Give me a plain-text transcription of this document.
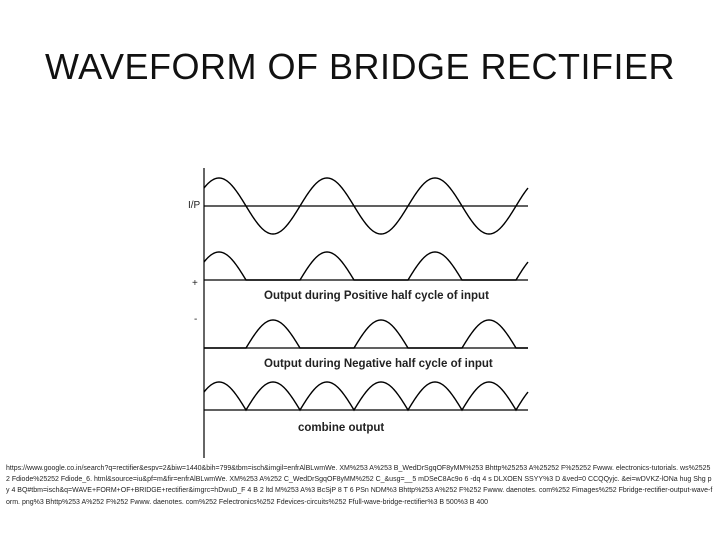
WAVEFORM OF BRIDGE RECTIFIER
I/P
+
-
Output during Positive half cycle of input
Output during Negative half cycle of input
combine output
https://www.google.co.in/search?q=rectifier&espv=2&biw=1440&bih=799&tbm=isch&imgil=enfrAlBLwmWe. XM%253 A%253 B_WedDrSgqOF8yMM%253 Bhttp%25253 A%25252 F%25252 Fwww. electronics-tutorials. ws%25252 Fdiode%25252 Fdiode_6. html&source=iu&pf=m&fir=enfrAlBLwmWe. XM%253 A%252 C_WedDrSgqOF8yMM%252 C_&usg=__5 mDSeC8Ac9o 6 -dq 4 s DLXOEN SSYY%3 D &ved=0 CCQQyjc. &ei=wDVKZ-lONa hug Shg py 4 BQ#tbm=isch&q=WAVE+FORM+OF+BRIDGE+rectifier&imgrc=hDwuD_F 4 B 2 ltd M%253 A%3 BcSjP 8 T 6 PSn NDM%3 Bhttp%253 A%252 F%252 Fwww. daenotes. com%252 Fimages%252 Fbridge-rectifier-output-wave-form. png%3 Bhttp%253 A%252 F%252 Fwww. daenotes. com%252 Felectronics%252 Fdevices-circuits%252 Ffull-wave-bridge-rectifier%3 B 500%3 B 400
